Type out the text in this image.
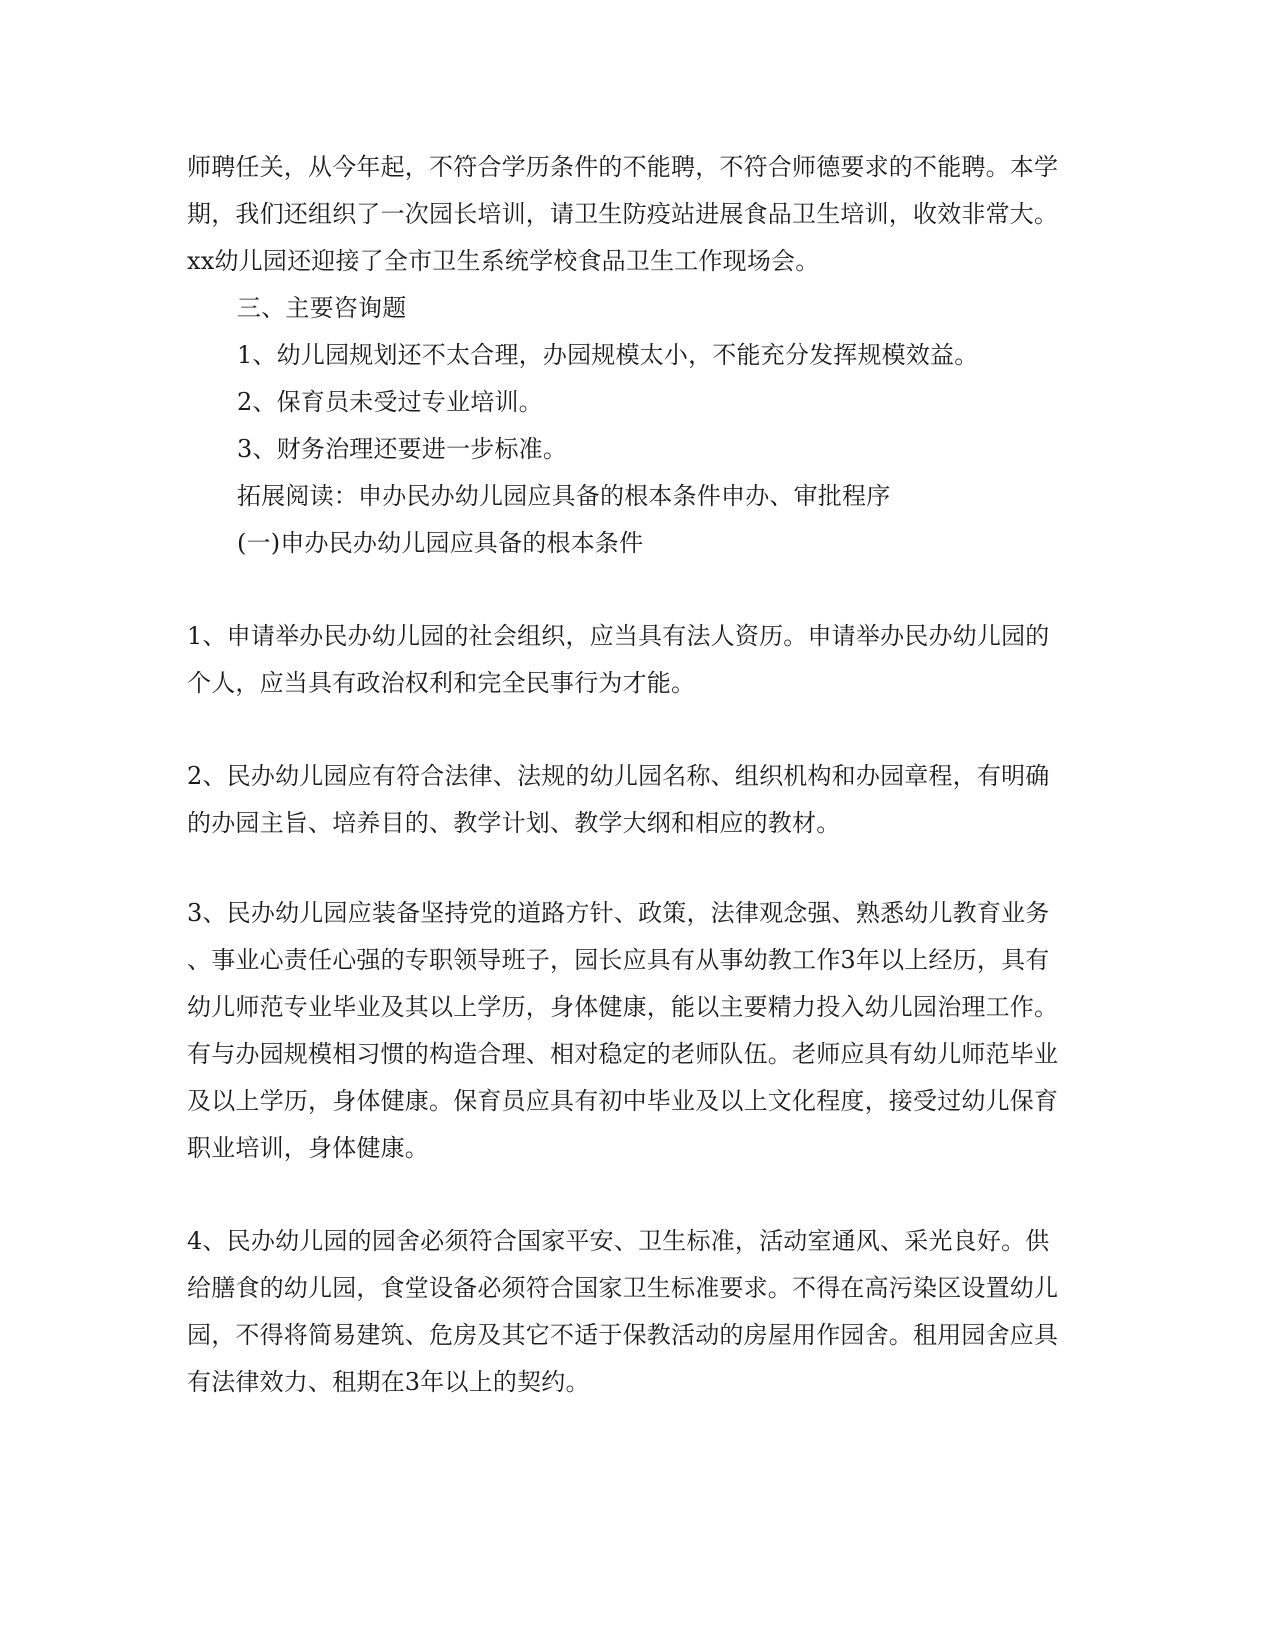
师聘任关，从今年起，不符合学历条件的不能聘，不符合师德要求的不能聘。本学

期，我们还组织了一次园长培训，请卫生防疫站进展食品卫生培训，收效非常大。

xx幼儿园还迎接了全市卫生系统学校食品卫生工作现场会。

三、主要咨询题

1、幼儿园规划还不太合理，办园规模太小，不能充分发挥规模效益。

2、保育员未受过专业培训。

3、财务治理还要进一步标准。

拓展阅读：申办民办幼儿园应具备的根本条件申办、审批程序

(一)申办民办幼儿园应具备的根本条件

1、申请举办民办幼儿园的社会组织，应当具有法人资历。申请举办民办幼儿园的

个人，应当具有政治权利和完全民事行为才能。

2、民办幼儿园应有符合法律、法规的幼儿园名称、组织机构和办园章程，有明确

的办园主旨、培养目的、教学计划、教学大纲和相应的教材。

3、民办幼儿园应装备坚持党的道路方针、政策，法律观念强、熟悉幼儿教育业务

、事业心责任心强的专职领导班子，园长应具有从事幼教工作3年以上经历，具有

幼儿师范专业毕业及其以上学历，身体健康，能以主要精力投入幼儿园治理工作。

有与办园规模相习惯的构造合理、相对稳定的老师队伍。老师应具有幼儿师范毕业

及以上学历，身体健康。保育员应具有初中毕业及以上文化程度，接受过幼儿保育

职业培训，身体健康。

4、民办幼儿园的园舍必须符合国家平安、卫生标准，活动室通风、采光良好。供

给膳食的幼儿园，食堂设备必须符合国家卫生标准要求。不得在高污染区设置幼儿

园，不得将简易建筑、危房及其它不适于保教活动的房屋用作园舍。租用园舍应具

有法律效力、租期在3年以上的契约。
